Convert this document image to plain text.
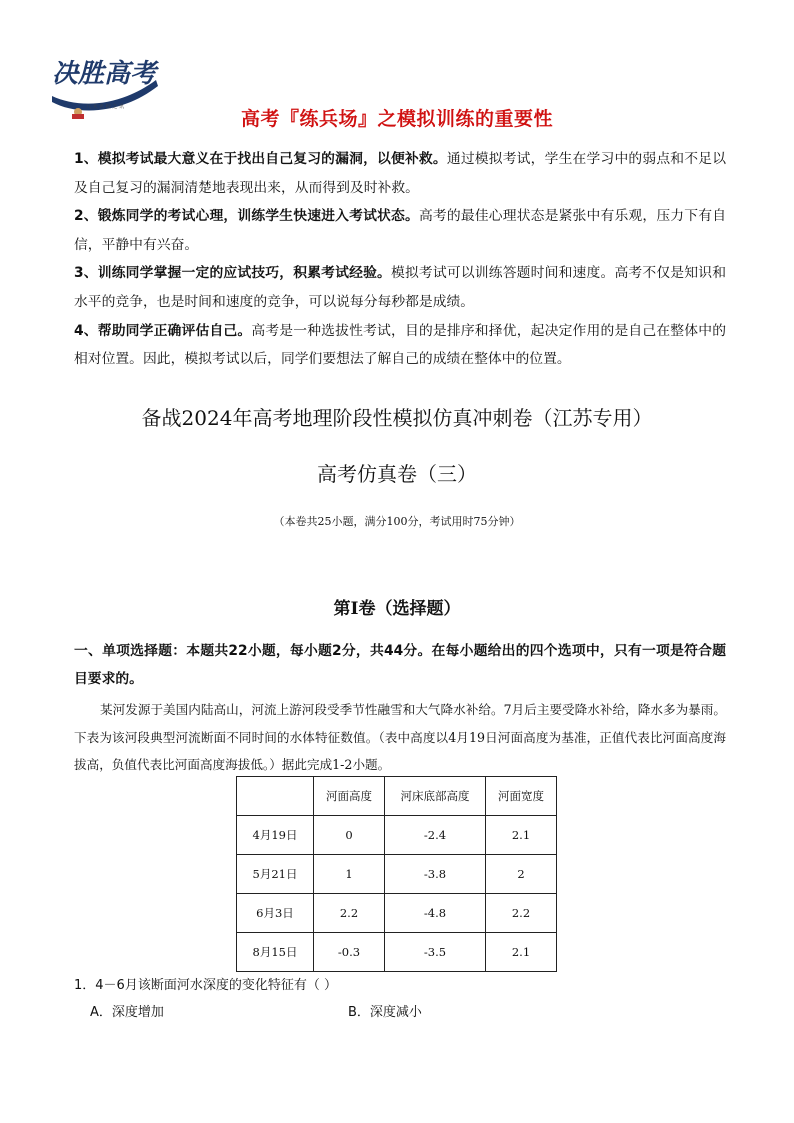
决胜高考
八 大 名 校 之 讯
高考『练兵场』之模拟训练的重要性

1、模拟考试最大意义在于找出自己复习的漏洞，以便补救。通过模拟考试，学生在学习中的弱点和不足以及自己复习的漏洞清楚地表现出来，从而得到及时补救。

2、锻炼同学的考试心理，训练学生快速进入考试状态。高考的最佳心理状态是紧张中有乐观，压力下有自信，平静中有兴奋。

3、训练同学掌握一定的应试技巧，积累考试经验。模拟考试可以训练答题时间和速度。高考不仅是知识和水平的竞争，也是时间和速度的竞争，可以说每分每秒都是成绩。

4、帮助同学正确评估自己。高考是一种选拔性考试，目的是排序和择优，起决定作用的是自己在整体中的相对位置。因此，模拟考试以后，同学们要想法了解自己的成绩在整体中的位置。

备战2024年高考地理阶段性模拟仿真冲刺卷（江苏专用）
高考仿真卷（三）
（本卷共25小题，满分100分，考试用时75分钟）
第I卷（选择题）
一、单项选择题：本题共22小题，每小题2分，共44分。在每小题给出的四个选项中，只有一项是符合题目要求的。
某河发源于美国内陆高山，河流上游河段受季节性融雪和大气降水补给。7月后主要受降水补给，降水多为暴雨。下表为该河段典型河流断面不同时间的水体特征数值。（表中高度以4月19日河面高度为基准，正值代表比河面高度海拔高，负值代表比河面高度海拔低。）据此完成1-2小题。
	河面高度	河床底部高度	河面宽度
4月19日	0	-2.4	2.1
5月21日	1	-3.8	2
6月3日	2.2	-4.8	2.2
8月15日	-0.3	-3.5	2.1
1．4－6月该断面河水深度的变化特征有（ ）
A．深度增加	B．深度减小
